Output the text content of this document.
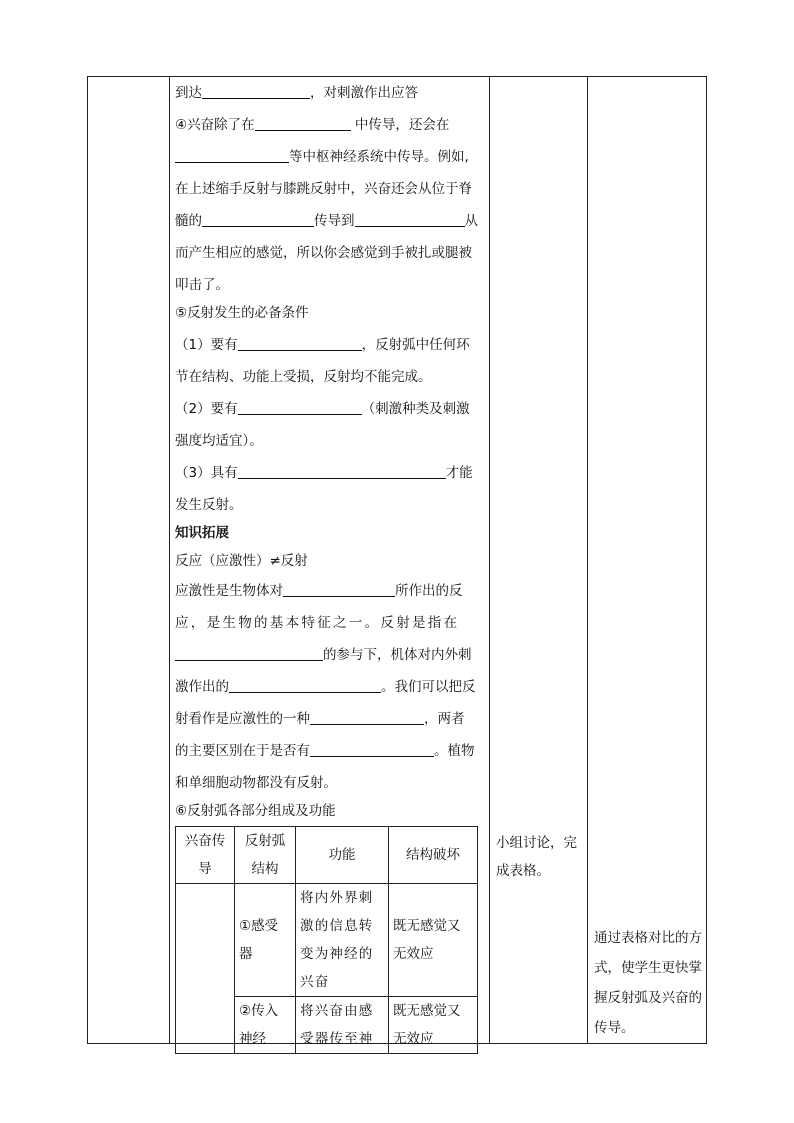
到达	，对刺激作出应答
④兴奋除了在	中传导，还会在
等中枢神经系统中传导。例如,
在上述缩手反射与膝跳反射中，兴奋还会从位于脊
髓的	传导到	从
而产生相应的感觉，所以你会感觉到手被扎或腿被
叩击了。
⑤反射发生的必备条件
（1）要有	，反射弧中任何环
节在结构、功能上受损，反射均不能完成。
（2）要有	（刺激种类及刺激
强度均适宜）。
（3）具有	才能
发生反射。
知识拓展
反应（应激性）≠反射
应激性是生物体对	所作出的反
应，是生物的基本特征之一。反射是指在
的参与下，机体对内外刺
激作出的	。我们可以把反
射看作是应激性的一种	，两者
的主要区别在于是否有	。植物
和单细胞动物都没有反射。
⑥反射弧各部分组成及功能
兴奋传导	反射弧结构	功能	结构破坏

	①感受器	将内外界刺激的信息转变为神经的兴奋	既无感觉又无效应

	②传入神经	将兴奋由感受器传至神	既无感觉又无效应
小组讨论，完成表格。
通过表格对比的方式，使学生更快掌握反射弧及兴奋的传导。
